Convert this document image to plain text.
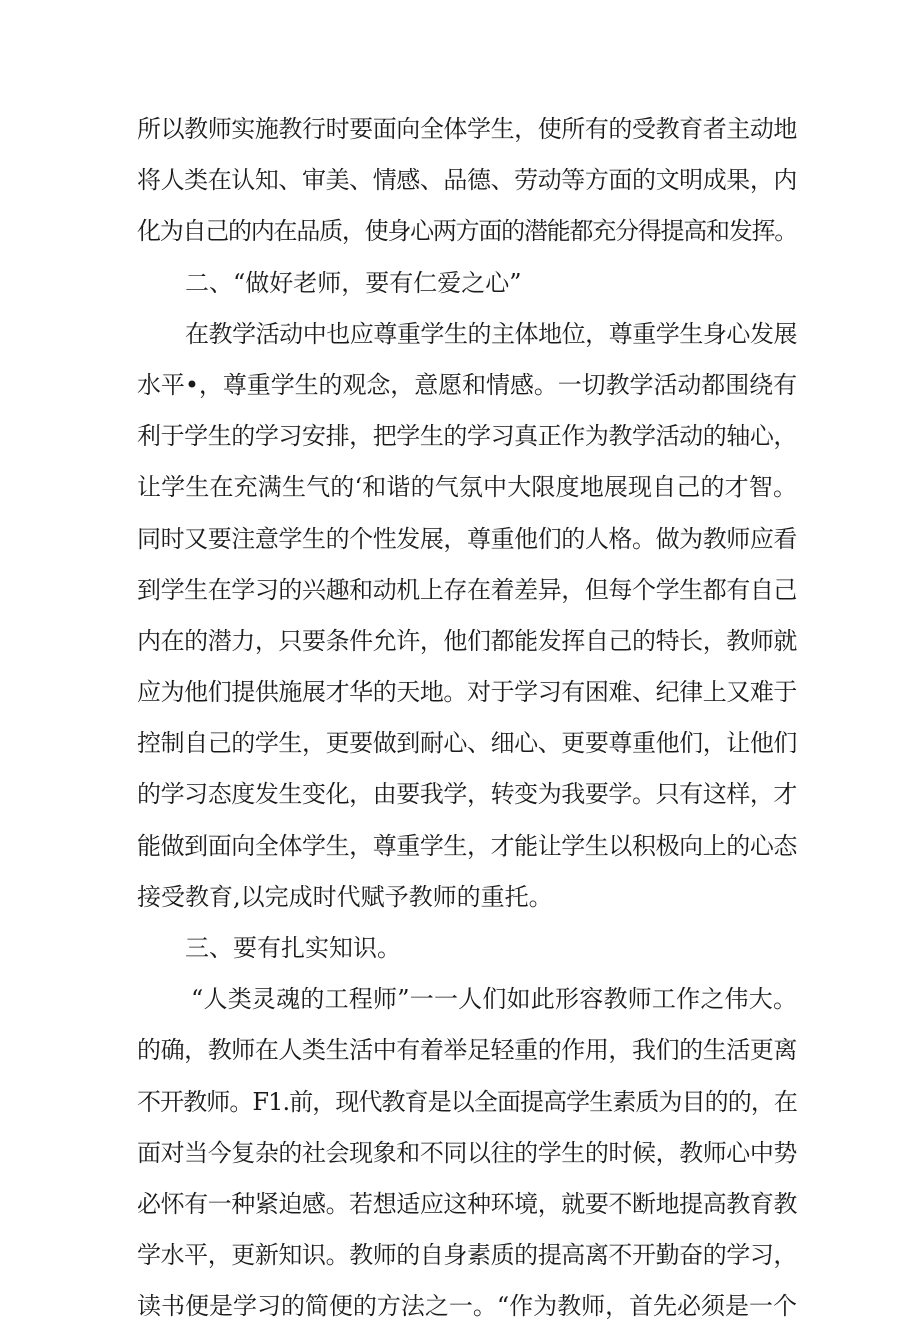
所以教师实施教行时要面向全体学生，使所有的受教育者主动地
将人类在认知、审美、情感、品德、劳动等方面的文明成果，内
化为自己的内在品质，使身心两方面的潜能都充分得提高和发挥。
二、“做好老师，要有仁爱之心”
在教学活动中也应尊重学生的主体地位，尊重学生身心发展
水平•，尊重学生的观念，意愿和情感。一切教学活动都围绕有
利于学生的学习安排，把学生的学习真正作为教学活动的轴心，
让学生在充满生气的‘和谐的气氛中大限度地展现自己的才智。
同时又要注意学生的个性发展，尊重他们的人格。做为教师应看
到学生在学习的兴趣和动机上存在着差异，但每个学生都有自己
内在的潜力，只要条件允许，他们都能发挥自己的特长，教师就
应为他们提供施展才华的天地。对于学习有困难、纪律上又难于
控制自己的学生，更要做到耐心、细心、更要尊重他们，让他们
的学习态度发生变化，由要我学，转变为我要学。只有这样，才
能做到面向全体学生，尊重学生，才能让学生以积极向上的心态
接受教育,以完成时代赋予教师的重托。
三、要有扎实知识。
“人类灵魂的工程师”一一人们如此形容教师工作之伟大。
的确，教师在人类生活中有着举足轻重的作用，我们的生活更离
不开教师。F1.前，现代教育是以全面提高学生素质为目的的，在
面对当今复杂的社会现象和不同以往的学生的时候，教师心中势
必怀有一种紧迫感。若想适应这种环境，就要不断地提高教育教
学水平，更新知识。教师的自身素质的提高离不开勤奋的学习，
读书便是学习的简便的方法之一。“作为教师，首先必须是一个
